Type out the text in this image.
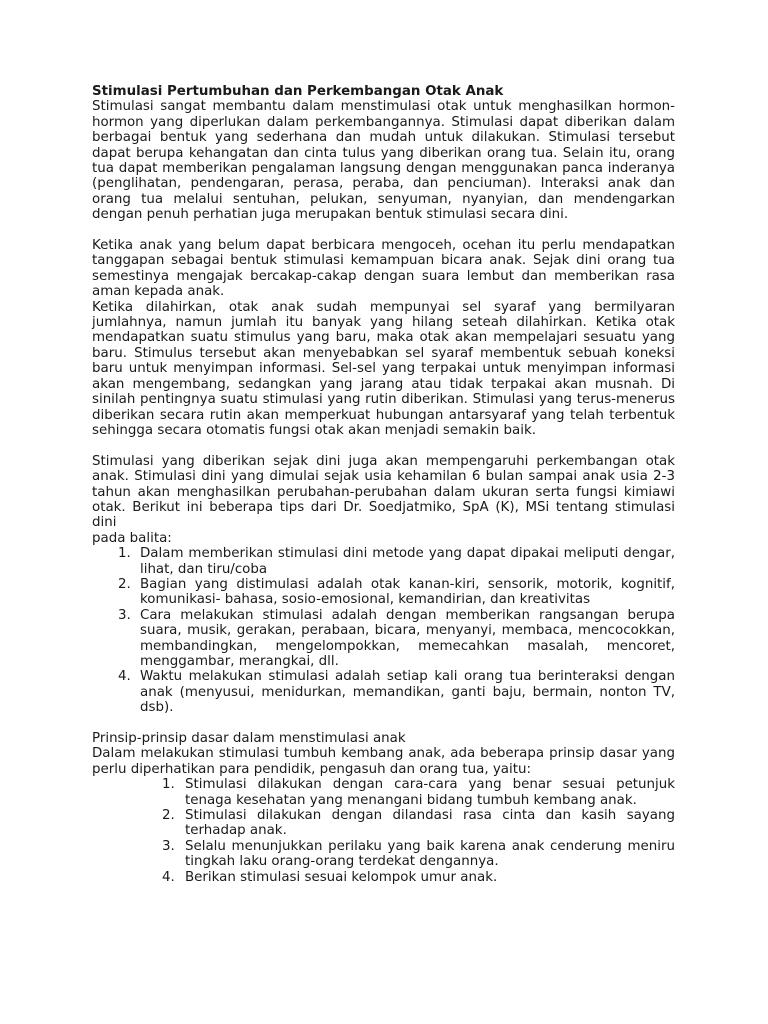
Stimulasi Pertumbuhan dan Perkembangan Otak Anak

Stimulasi sangat membantu dalam menstimulasi otak untuk menghasilkan hormon-hormon yang diperlukan dalam perkembangannya. Stimulasi dapat diberikan dalam berbagai bentuk yang sederhana dan mudah untuk dilakukan. Stimulasi tersebut dapat berupa kehangatan dan cinta tulus yang diberikan orang tua. Selain itu, orang tua dapat memberikan pengalaman langsung dengan menggunakan panca inderanya (penglihatan, pendengaran, perasa, peraba, dan penciuman). Interaksi anak dan orang tua melalui sentuhan, pelukan, senyuman, nyanyian, dan mendengarkan dengan penuh perhatian juga merupakan bentuk stimulasi secara dini.

Ketika anak yang belum dapat berbicara mengoceh, ocehan itu perlu mendapatkan tanggapan sebagai bentuk stimulasi kemampuan bicara anak. Sejak dini orang tua semestinya mengajak bercakap-cakap dengan suara lembut dan memberikan rasa aman kepada anak.

Ketika dilahirkan, otak anak sudah mempunyai sel syaraf yang bermilyaran jumlahnya, namun jumlah itu banyak yang hilang seteah dilahirkan. Ketika otak mendapatkan suatu stimulus yang baru, maka otak akan mempelajari sesuatu yang baru. Stimulus tersebut akan menyebabkan sel syaraf membentuk sebuah koneksi baru untuk menyimpan informasi. Sel-sel yang terpakai untuk menyimpan informasi akan mengembang, sedangkan yang jarang atau tidak terpakai akan musnah. Di sinilah pentingnya suatu stimulasi yang rutin diberikan. Stimulasi yang terus-menerus diberikan secara rutin akan memperkuat hubungan antarsyaraf yang telah terbentuk sehingga secara otomatis fungsi otak akan menjadi semakin baik.

Stimulasi yang diberikan sejak dini juga akan mempengaruhi perkembangan otak anak. Stimulasi dini yang dimulai sejak usia kehamilan 6 bulan sampai anak usia 2-3 tahun akan menghasilkan perubahan-perubahan dalam ukuran serta fungsi kimiawi otak. Berikut ini beberapa tips dari Dr. Soedjatmiko, SpA (K), MSi tentang stimulasi dini

pada balita:

1. Dalam memberikan stimulasi dini metode yang dapat dipakai meliputi dengar, lihat, dan tiru/coba
2. Bagian yang distimulasi adalah otak kanan-kiri, sensorik, motorik, kognitif, komunikasi- bahasa, sosio-emosional, kemandirian, dan kreativitas
3. Cara melakukan stimulasi adalah dengan memberikan rangsangan berupa suara, musik, gerakan, perabaan, bicara, menyanyi, membaca, mencocokkan, membandingkan, mengelompokkan, memecahkan masalah, mencoret, menggambar, merangkai, dll.
4. Waktu melakukan stimulasi adalah setiap kali orang tua berinteraksi dengan anak (menyusui, menidurkan, memandikan, ganti baju, bermain, nonton TV, dsb).

Prinsip-prinsip dasar dalam menstimulasi anak

Dalam melakukan stimulasi tumbuh kembang anak, ada beberapa prinsip dasar yang perlu diperhatikan para pendidik, pengasuh dan orang tua, yaitu:

1. Stimulasi dilakukan dengan cara-cara yang benar sesuai petunjuk tenaga kesehatan yang menangani bidang tumbuh kembang anak.
2. Stimulasi dilakukan dengan dilandasi rasa cinta dan kasih sayang terhadap anak.
3. Selalu menunjukkan perilaku yang baik karena anak cenderung meniru tingkah laku orang-orang terdekat dengannya.
4. Berikan stimulasi sesuai kelompok umur anak.
